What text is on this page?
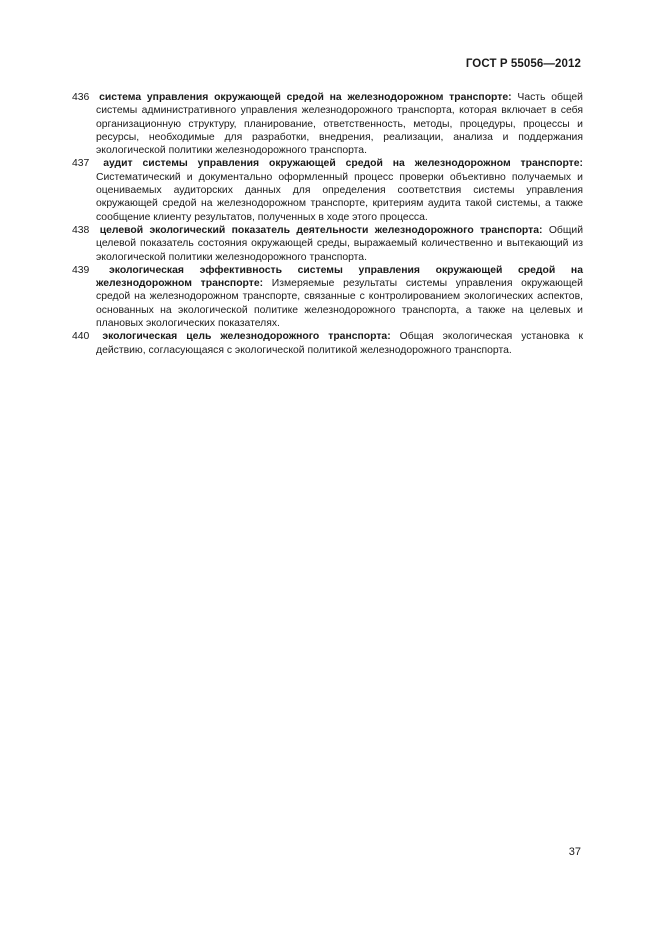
ГОСТ Р 55056—2012

436 система управления окружающей средой на железнодорожном транспорте: Часть общей системы административного управления железнодорожного транспорта, которая включает в себя организационную структуру, планирование, ответственность, методы, процедуры, процессы и ресурсы, необходимые для разработки, внедрения, реализации, анализа и поддержания экологической политики железнодорожного транспорта.

437 аудит системы управления окружающей средой на железнодорожном транспорте: Систематический и документально оформленный процесс проверки объективно получаемых и оцениваемых аудиторских данных для определения соответствия системы управления окружающей средой на железнодорожном транспорте, критериям аудита такой системы, а также сообщение клиенту результатов, полученных в ходе этого процесса.

438 целевой экологический показатель деятельности железнодорожного транспорта: Общий целевой показатель состояния окружающей среды, выражаемый количественно и вытекающий из экологической политики железнодорожного транспорта.

439 экологическая эффективность системы управления окружающей средой на железнодорожном транспорте: Измеряемые результаты системы управления окружающей средой на железнодорожном транспорте, связанные с контролированием экологических аспектов, основанных на экологической политике железнодорожного транспорта, а также на целевых и плановых экологических показателях.

440 экологическая цель железнодорожного транспорта: Общая экологическая установка к действию, согласующаяся с экологической политикой железнодорожного транспорта.

37
